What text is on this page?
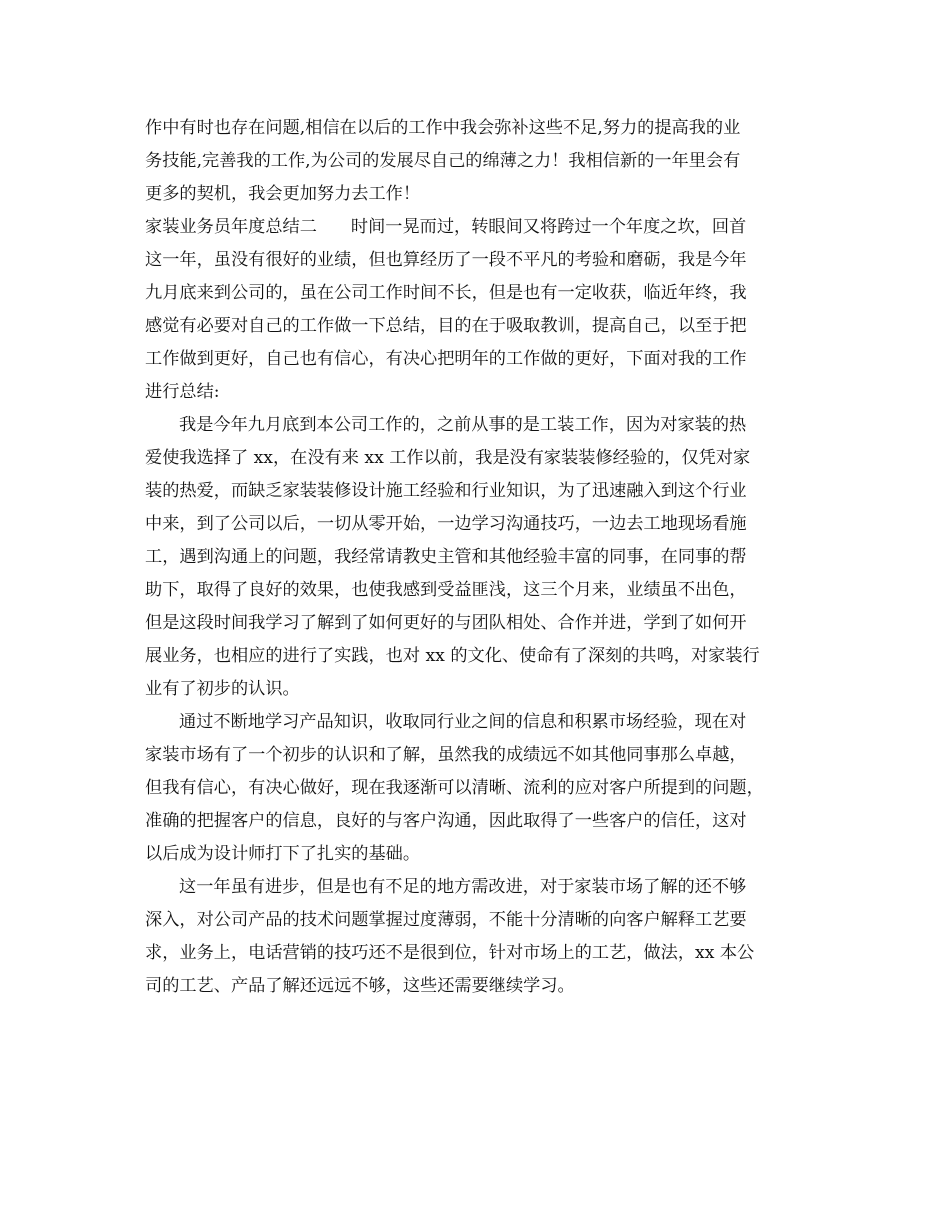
作中有时也存在问题,相信在以后的工作中我会弥补这些不足,努力的提高我的业
务技能,完善我的工作,为公司的发展尽自己的绵薄之力！我相信新的一年里会有
更多的契机，我会更加努力去工作！
家装业务员年度总结二 时间一晃而过，转眼间又将跨过一个年度之坎，回首
这一年，虽没有很好的业绩，但也算经历了一段不平凡的考验和磨砺，我是今年
九月底来到公司的，虽在公司工作时间不长，但是也有一定收获，临近年终，我
感觉有必要对自己的工作做一下总结，目的在于吸取教训，提高自己，以至于把
工作做到更好，自己也有信心，有决心把明年的工作做的更好，下面对我的工作
进行总结:
我是今年九月底到本公司工作的，之前从事的是工装工作，因为对家装的热
爱使我选择了 xx，在没有来 xx 工作以前，我是没有家装装修经验的，仅凭对家
装的热爱，而缺乏家装装修设计施工经验和行业知识，为了迅速融入到这个行业
中来，到了公司以后，一切从零开始，一边学习沟通技巧，一边去工地现场看施
工，遇到沟通上的问题，我经常请教史主管和其他经验丰富的同事，在同事的帮
助下，取得了良好的效果，也使我感到受益匪浅，这三个月来，业绩虽不出色，
但是这段时间我学习了解到了如何更好的与团队相处、合作并进，学到了如何开
展业务，也相应的进行了实践，也对 xx 的文化、使命有了深刻的共鸣，对家装行
业有了初步的认识。
通过不断地学习产品知识，收取同行业之间的信息和积累市场经验，现在对
家装市场有了一个初步的认识和了解，虽然我的成绩远不如其他同事那么卓越，
但我有信心，有决心做好，现在我逐渐可以清晰、流利的应对客户所提到的问题，
准确的把握客户的信息，良好的与客户沟通，因此取得了一些客户的信任，这对
以后成为设计师打下了扎实的基础。
这一年虽有进步，但是也有不足的地方需改进，对于家装市场了解的还不够
深入，对公司产品的技术问题掌握过度薄弱，不能十分清晰的向客户解释工艺要
求，业务上，电话营销的技巧还不是很到位，针对市场上的工艺，做法，xx 本公
司的工艺、产品了解还远远不够，这些还需要继续学习。
